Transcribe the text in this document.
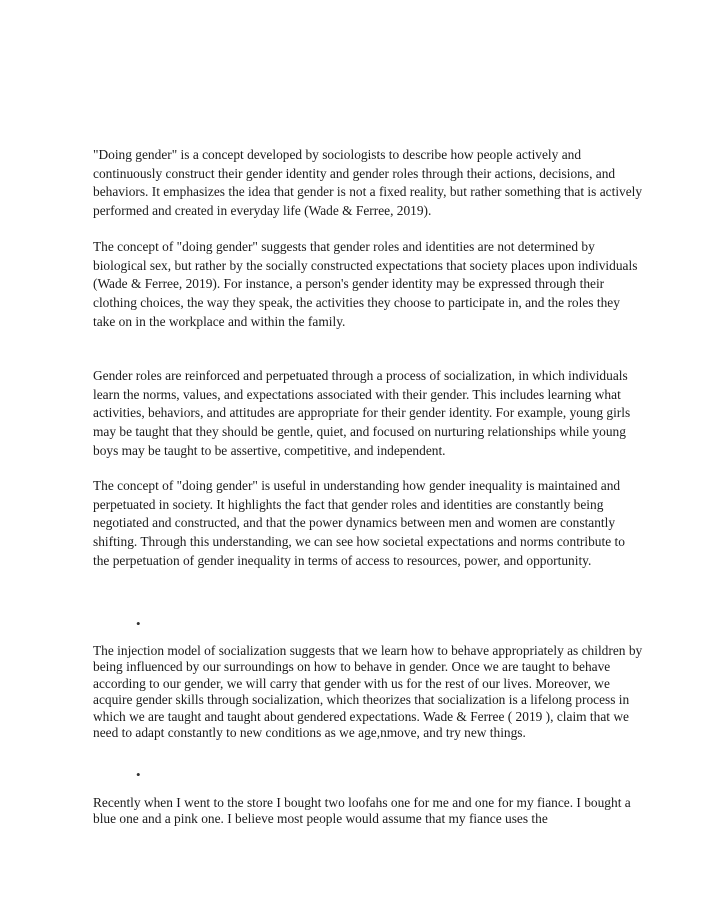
"Doing gender" is a concept developed by sociologists to describe how people actively and continuously construct their gender identity and gender roles through their actions, decisions, and behaviors. It emphasizes the idea that gender is not a fixed reality, but rather something that is actively performed and created in everyday life (Wade & Ferree, 2019).

The concept of "doing gender" suggests that gender roles and identities are not determined by biological sex, but rather by the socially constructed expectations that society places upon individuals (Wade & Ferree, 2019). For instance, a person's gender identity may be expressed through their clothing choices, the way they speak, the activities they choose to participate in, and the roles they take on in the workplace and within the family.

Gender roles are reinforced and perpetuated through a process of socialization, in which individuals learn the norms, values, and expectations associated with their gender. This includes learning what activities, behaviors, and attitudes are appropriate for their gender identity. For example, young girls may be taught that they should be gentle, quiet, and focused on nurturing relationships while young boys may be taught to be assertive, competitive, and independent.

The concept of "doing gender" is useful in understanding how gender inequality is maintained and perpetuated in society. It highlights the fact that gender roles and identities are constantly being negotiated and constructed, and that the power dynamics between men and women are constantly shifting. Through this understanding, we can see how societal expectations and norms contribute to the perpetuation of gender inequality in terms of access to resources, power, and opportunity.

•

The injection model of socialization suggests that we learn how to behave appropriately as children by being influenced by our surroundings on how to behave in gender. Once we are taught to behave according to our gender, we will carry that gender with us for the rest of our lives. Moreover, we acquire gender skills through socialization, which theorizes that socialization is a lifelong process in which we are taught and taught about gendered expectations. Wade & Ferree ( 2019 ), claim that we need to adapt constantly to new conditions as we age,nmove, and try new things.

•

Recently when I went to the store I bought two loofahs one for me and one for my fiance. I bought a blue one and a pink one. I believe most people would assume that my fiance uses the
